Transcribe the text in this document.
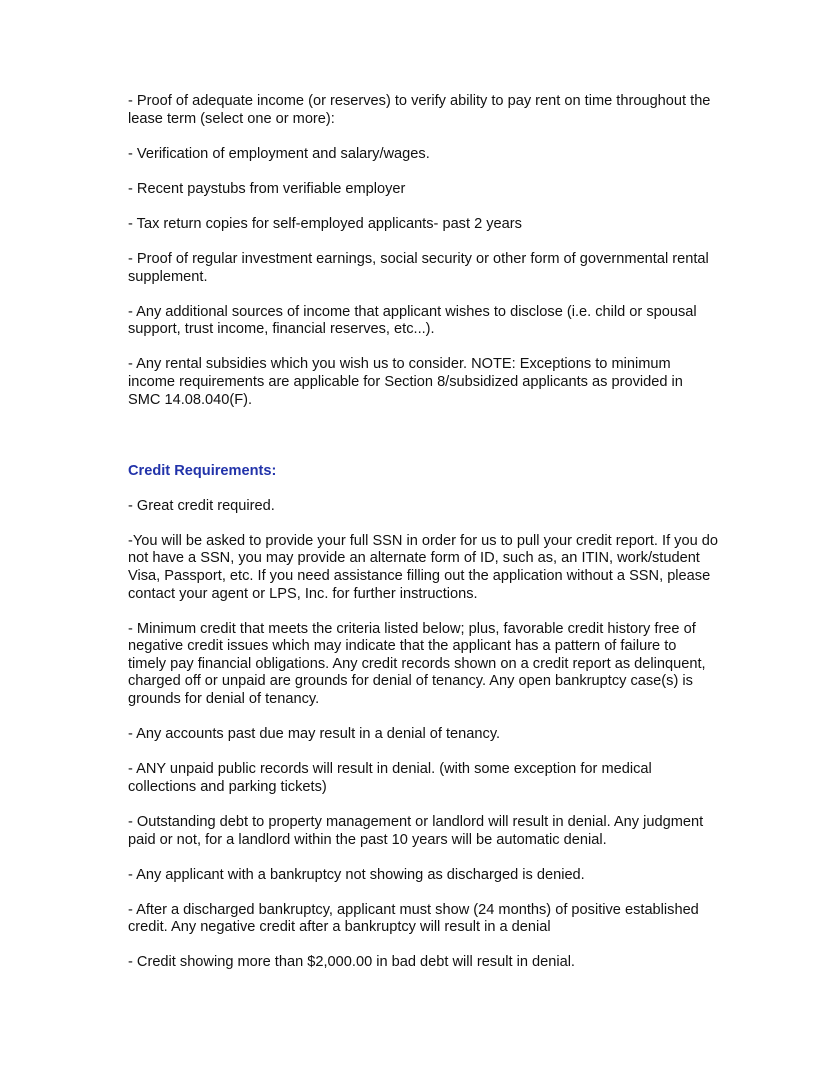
- Proof of adequate income (or reserves) to verify ability to pay rent on time throughout the lease term (select one or more):

- Verification of employment and salary/wages.

- Recent paystubs from verifiable employer

- Tax return copies for self-employed applicants- past 2 years

- Proof of regular investment earnings, social security or other form of governmental rental supplement.

- Any additional sources of income that applicant wishes to disclose (i.e. child or spousal support, trust income, financial reserves, etc...).

- Any rental subsidies which you wish us to consider. NOTE: Exceptions to minimum income requirements are applicable for Section 8/subsidized applicants as provided in SMC 14.08.040(F).

Credit Requirements:

- Great credit required.

-You will be asked to provide your full SSN in order for us to pull your credit report. If you do not have a SSN, you may provide an alternate form of ID, such as, an ITIN, work/student Visa, Passport, etc. If you need assistance filling out the application without a SSN, please contact your agent or LPS, Inc. for further instructions.

- Minimum credit that meets the criteria listed below; plus, favorable credit history free of negative credit issues which may indicate that the applicant has a pattern of failure to timely pay financial obligations. Any credit records shown on a credit report as delinquent, charged off or unpaid are grounds for denial of tenancy. Any open bankruptcy case(s) is grounds for denial of tenancy.

- Any accounts past due may result in a denial of tenancy.

- ANY unpaid public records will result in denial. (with some exception for medical collections and parking tickets)

- Outstanding debt to property management or landlord will result in denial. Any judgment paid or not, for a landlord within the past 10 years will be automatic denial.

- Any applicant with a bankruptcy not showing as discharged is denied.

- After a discharged bankruptcy, applicant must show (24 months) of positive established credit. Any negative credit after a bankruptcy will result in a denial

- Credit showing more than $2,000.00 in bad debt will result in denial.
